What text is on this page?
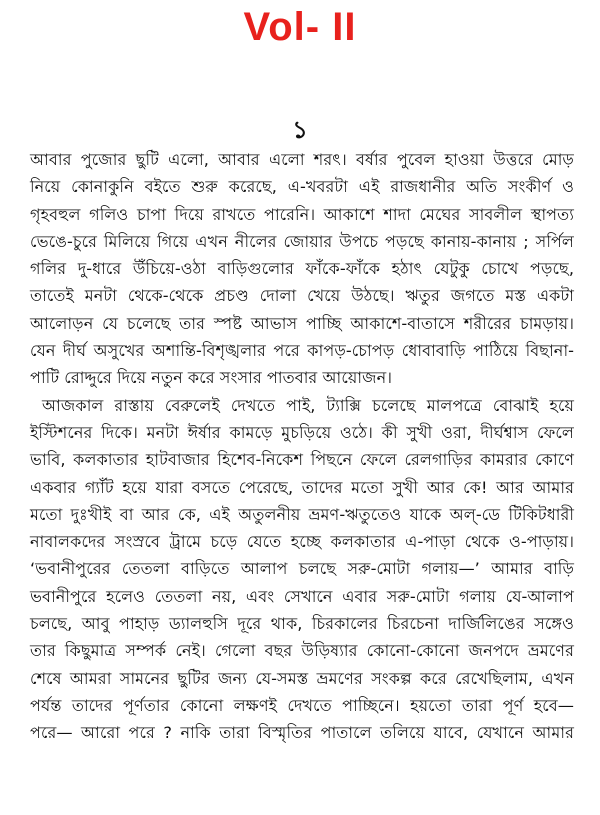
Vol- II
১
আবার পুজোর ছুটি এলো, আবার এলো শরৎ। বর্ষার পুবেল হাওয়া উত্তরে মোড়
নিয়ে কোনাকুনি বইতে শুরু করেছে, এ-খবরটা এই রাজধানীর অতি সংকীর্ণ ও
গৃহবহুল গলিও চাপা দিয়ে রাখতে পারেনি। আকাশে শাদা মেঘের সাবলীল স্থাপত্য
ভেঙে-চুরে মিলিয়ে গিয়ে এখন নীলের জোয়ার উপচে পড়ছে কানায়-কানায় ; সর্পিল
গলির দু-ধারে উঁচিয়ে-ওঠা বাড়িগুলোর ফাঁকে-ফাঁকে হঠাৎ যেটুকু চোখে পড়ছে,
তাতেই মনটা থেকে-থেকে প্রচণ্ড দোলা খেয়ে উঠছে। ঋতুর জগতে মস্ত একটা
আলোড়ন যে চলেছে তার স্পষ্ট আভাস পাচ্ছি আকাশে-বাতাসে শরীরের চামড়ায়।
যেন দীর্ঘ অসুখের অশান্তি-বিশৃঙ্খলার পরে কাপড়-চোপড় ধোবাবাড়ি পাঠিয়ে বিছানা-
পাটি রোদ্দুরে দিয়ে নতুন করে সংসার পাতবার আয়োজন।
আজকাল রাস্তায় বেরুলেই দেখতে পাই, ট্যাক্সি চলেছে মালপত্রে বোঝাই হয়ে
ইস্টিশনের দিকে। মনটা ঈর্ষার কামড়ে মুচড়িয়ে ওঠে। কী সুখী ওরা, দীর্ঘশ্বাস ফেলে
ভাবি, কলকাতার হাটবাজার হিশেব-নিকেশ পিছনে ফেলে রেলগাড়ির কামরার কোণে
একবার গ্যাঁট হয়ে যারা বসতে পেরেছে, তাদের মতো সুখী আর কে! আর আমার
মতো দুঃখীই বা আর কে, এই অতুলনীয় ভ্রমণ-ঋতুতেও যাকে অল্-ডে টিকিটধারী
নাবালকদের সংস্রবে ট্রামে চড়ে যেতে হচ্ছে কলকাতার এ-পাড়া থেকে ও-পাড়ায়।
‘ভবানীপুরের তেতলা বাড়িতে আলাপ চলছে সরু-মোটা গলায়—’ আমার বাড়ি
ভবানীপুরে হলেও তেতলা নয়, এবং সেখানে এবার সরু-মোটা গলায় যে-আলাপ
চলছে, আবু পাহাড় ড্যালহুসি দূরে থাক, চিরকালের চিরচেনা দার্জিলিঙের সঙ্গেও
তার কিছুমাত্র সম্পর্ক নেই। গেলো বছর উড়িষ্যার কোনো-কোনো জনপদে ভ্রমণের
শেষে আমরা সামনের ছুটির জন্য যে-সমস্ত ভ্রমণের সংকল্প করে রেখেছিলাম, এখন
পর্যন্ত তাদের পূর্ণতার কোনো লক্ষণই দেখতে পাচ্ছিনে। হয়তো তারা পূর্ণ হবে—
পরে— আরো পরে ? নাকি তারা বিস্মৃতির পাতালে তলিয়ে যাবে, যেখানে আমার
